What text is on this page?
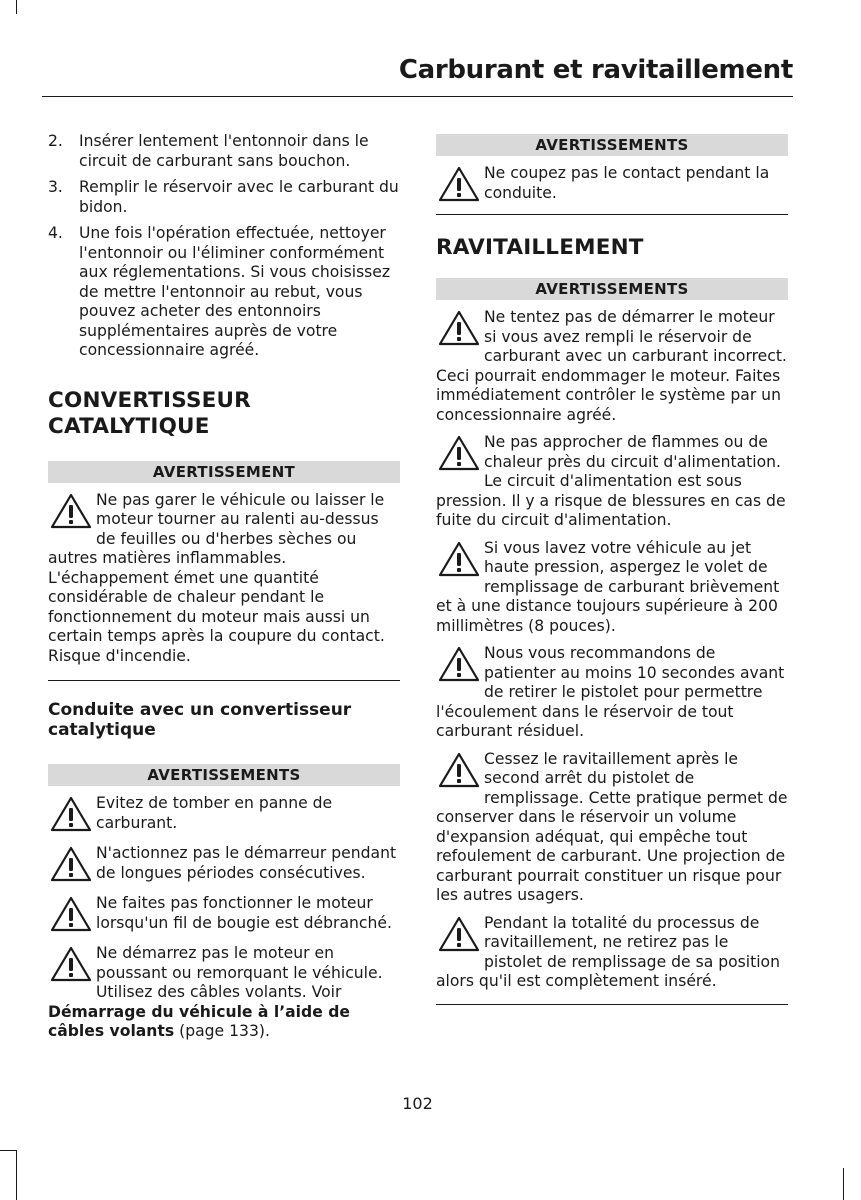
Carburant et ravitaillement
2.	Insérer lentement l'entonnoir dans le circuit de carburant sans bouchon.
3.	Remplir le réservoir avec le carburant du bidon.
4.	Une fois l'opération effectuée, nettoyer l'entonnoir ou l'éliminer conformément aux réglementations. Si vous choisissez de mettre l'entonnoir au rebut, vous pouvez acheter des entonnoirs supplémentaires auprès de votre concessionnaire agréé.
CONVERTISSEUR
CATALYTIQUE
AVERTISSEMENT
Ne pas garer le véhicule ou laisser le moteur tourner au ralenti au-dessus de feuilles ou d'herbes sèches ou autres matières inflammables. L'échappement émet une quantité considérable de chaleur pendant le fonctionnement du moteur mais aussi un certain temps après la coupure du contact. Risque d'incendie.
Conduite avec un convertisseur catalytique
AVERTISSEMENTS
Evitez de tomber en panne de carburant.
N'actionnez pas le démarreur pendant de longues périodes consécutives.
Ne faites pas fonctionner le moteur lorsqu'un fil de bougie est débranché.
Ne démarrez pas le moteur en poussant ou remorquant le véhicule. Utilisez des câbles volants. Voir Démarrage du véhicule à l’aide de câbles volants (page 133).
AVERTISSEMENTS
Ne coupez pas le contact pendant la conduite.
RAVITAILLEMENT
AVERTISSEMENTS
Ne tentez pas de démarrer le moteur si vous avez rempli le réservoir de carburant avec un carburant incorrect. Ceci pourrait endommager le moteur. Faites immédiatement contrôler le système par un concessionnaire agréé.
Ne pas approcher de flammes ou de chaleur près du circuit d'alimentation. Le circuit d'alimentation est sous pression. Il y a risque de blessures en cas de fuite du circuit d'alimentation.
Si vous lavez votre véhicule au jet haute pression, aspergez le volet de remplissage de carburant brièvement et à une distance toujours supérieure à 200 millimètres (8 pouces).
Nous vous recommandons de patienter au moins 10 secondes avant de retirer le pistolet pour permettre l'écoulement dans le réservoir de tout carburant résiduel.
Cessez le ravitaillement après le second arrêt du pistolet de remplissage. Cette pratique permet de conserver dans le réservoir un volume d'expansion adéquat, qui empêche tout refoulement de carburant. Une projection de carburant pourrait constituer un risque pour les autres usagers.
Pendant la totalité du processus de ravitaillement, ne retirez pas le pistolet de remplissage de sa position alors qu'il est complètement inséré.
102
